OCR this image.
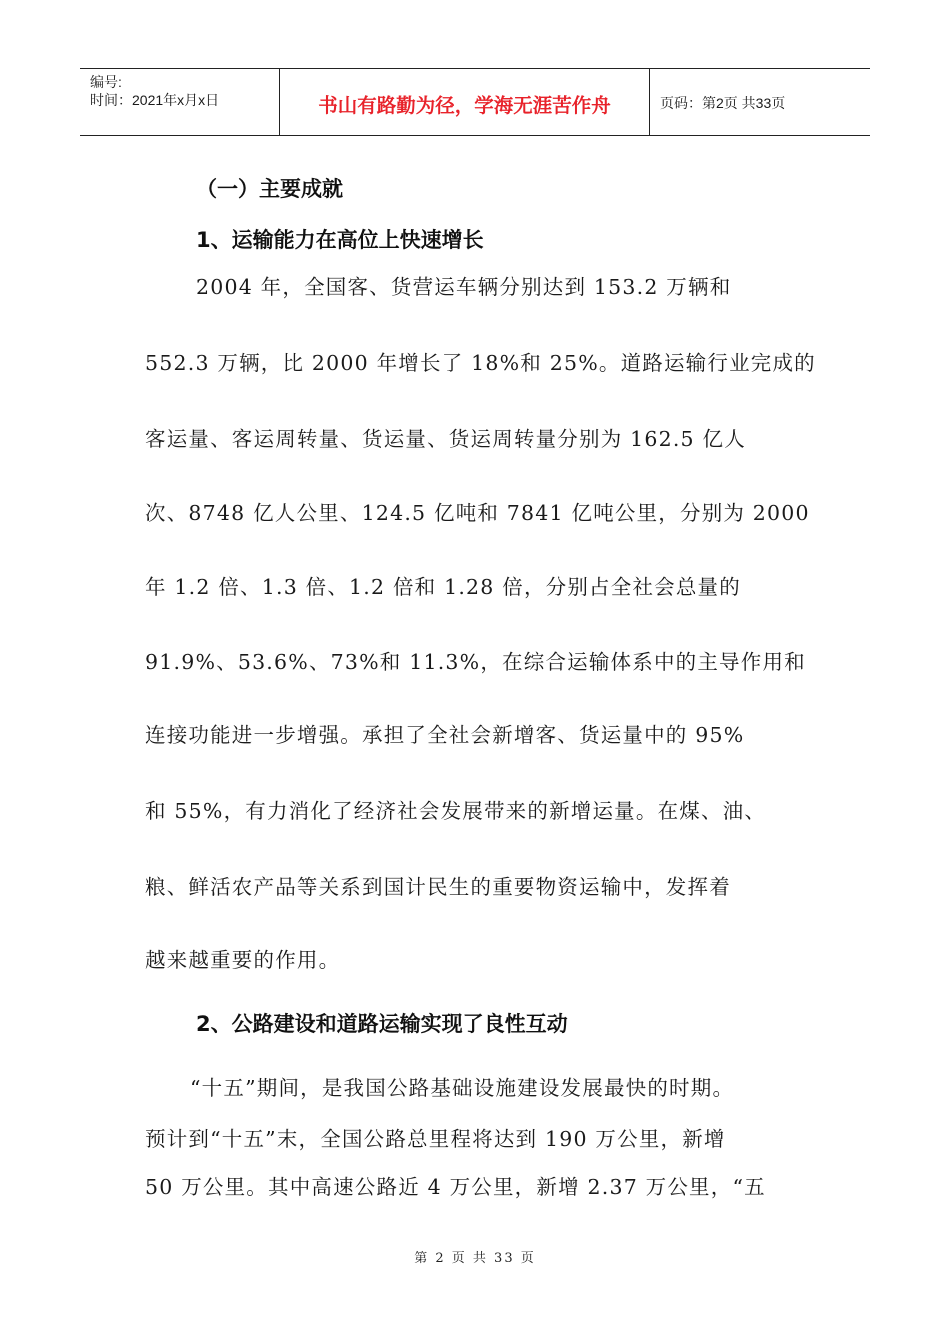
编号:
时间：2021年x月x日	书山有路勤为径，学海无涯苦作舟	页码：第2页 共33页
（一）主要成就
1、运输能力在高位上快速增长
2004 年，全国客、货营运车辆分别达到 153.2 万辆和
552.3 万辆，比 2000 年增长了 18%和 25%。道路运输行业完成的
客运量、客运周转量、货运量、货运周转量分别为 162.5 亿人
次、8748 亿人公里、124.5 亿吨和 7841 亿吨公里，分别为 2000
年 1.2 倍、1.3 倍、1.2 倍和 1.28 倍，分别占全社会总量的
91.9%、53.6%、73%和 11.3%，在综合运输体系中的主导作用和
连接功能进一步增强。承担了全社会新增客、货运量中的 95%
和 55%，有力消化了经济社会发展带来的新增运量。在煤、油、
粮、鲜活农产品等关系到国计民生的重要物资运输中，发挥着
越来越重要的作用。
2、公路建设和道路运输实现了良性互动
“十五”期间，是我国公路基础设施建设发展最快的时期。
预计到“十五”末，全国公路总里程将达到 190 万公里，新增
50 万公里。其中高速公路近 4 万公里，新增 2.37 万公里，“五
第 2 页 共 33 页
